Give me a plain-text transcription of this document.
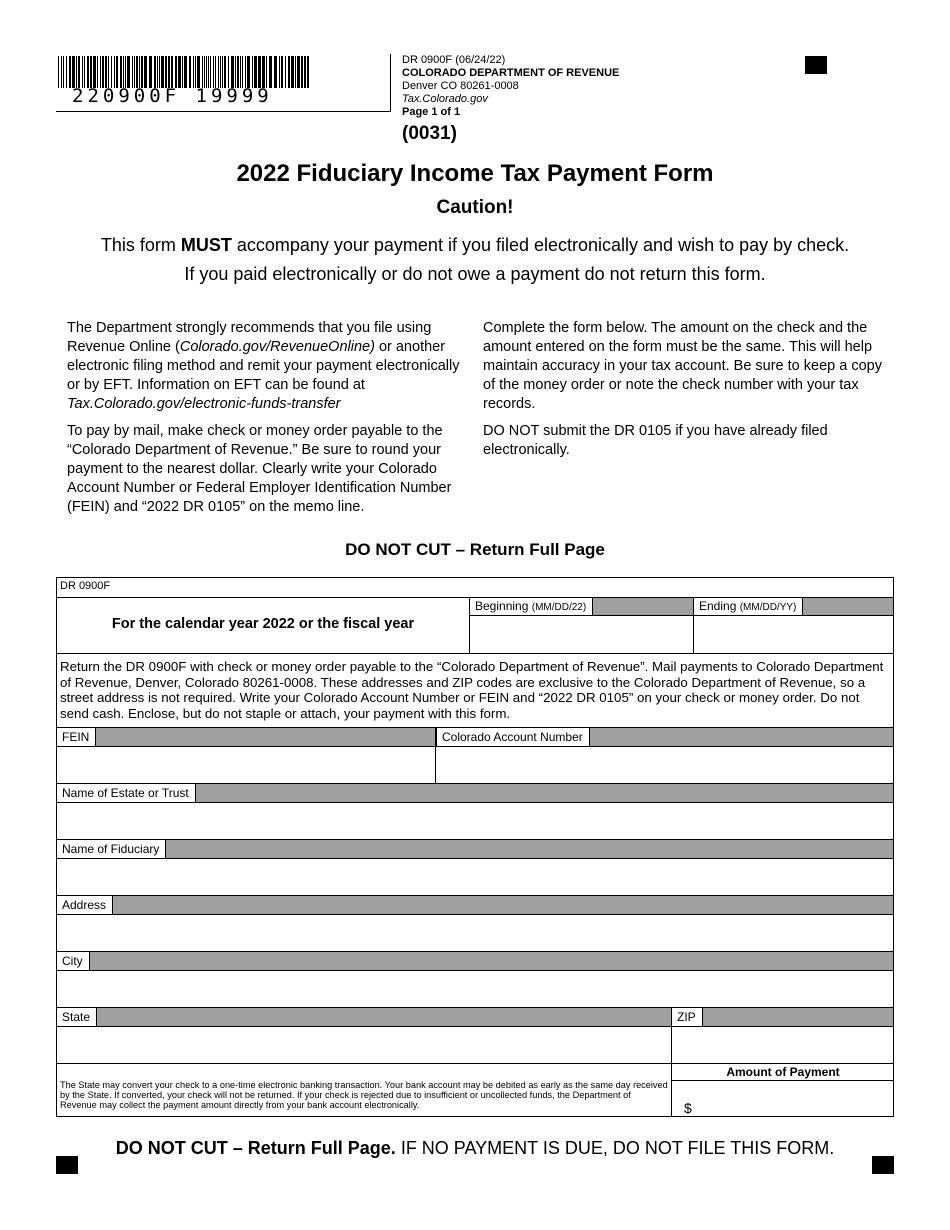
220900F 19999
DR 0900F (06/24/22)
COLORADO DEPARTMENT OF REVENUE
Denver CO 80261-0008
Tax.Colorado.gov
Page 1 of 1
(0031)
2022 Fiduciary Income Tax Payment Form
Caution!
This form MUST accompany your payment if you filed electronically and wish to pay by check.
If you paid electronically or do not owe a payment do not return this form.

The Department strongly recommends that you file using Revenue Online (Colorado.gov/RevenueOnline) or another electronic filing method and remit your payment electronically or by EFT. Information on EFT can be found at Tax.Colorado.gov/electronic-funds-transfer

To pay by mail, make check or money order payable to the “Colorado Department of Revenue.” Be sure to round your payment to the nearest dollar. Clearly write your Colorado Account Number or Federal Employer Identification Number (FEIN) and “2022 DR 0105” on the memo line.

Complete the form below. The amount on the check and the amount entered on the form must be the same. This will help maintain accuracy in your tax account. Be sure to keep a copy of the money order or note the check number with your tax records.

DO NOT submit the DR 0105 if you have already filed electronically.

DO NOT CUT – Return Full Page
DR 0900F
For the calendar year 2022 or the fiscal year
Beginning (MM/DD/22)	Ending (MM/DD/YY)
Return the DR 0900F with check or money order payable to the “Colorado Department of Revenue”. Mail payments to Colorado Department of Revenue, Denver, Colorado 80261-0008. These addresses and ZIP codes are exclusive to the Colorado Department of Revenue, so a street address is not required. Write your Colorado Account Number or FEIN and “2022 DR 0105” on your check or money order. Do not send cash. Enclose, but do not staple or attach, your payment with this form.
FEIN	Colorado Account Number
Name of Estate or Trust
Name of Fiduciary
Address
City
State	ZIP
Amount of Payment
$
The State may convert your check to a one-time electronic banking transaction. Your bank account may be debited as early as the same day received by the State. If converted, your check will not be returned. If your check is rejected due to insufficient or uncollected funds, the Department of Revenue may collect the payment amount directly from your bank account electronically.
DO NOT CUT – Return Full Page. IF NO PAYMENT IS DUE, DO NOT FILE THIS FORM.
